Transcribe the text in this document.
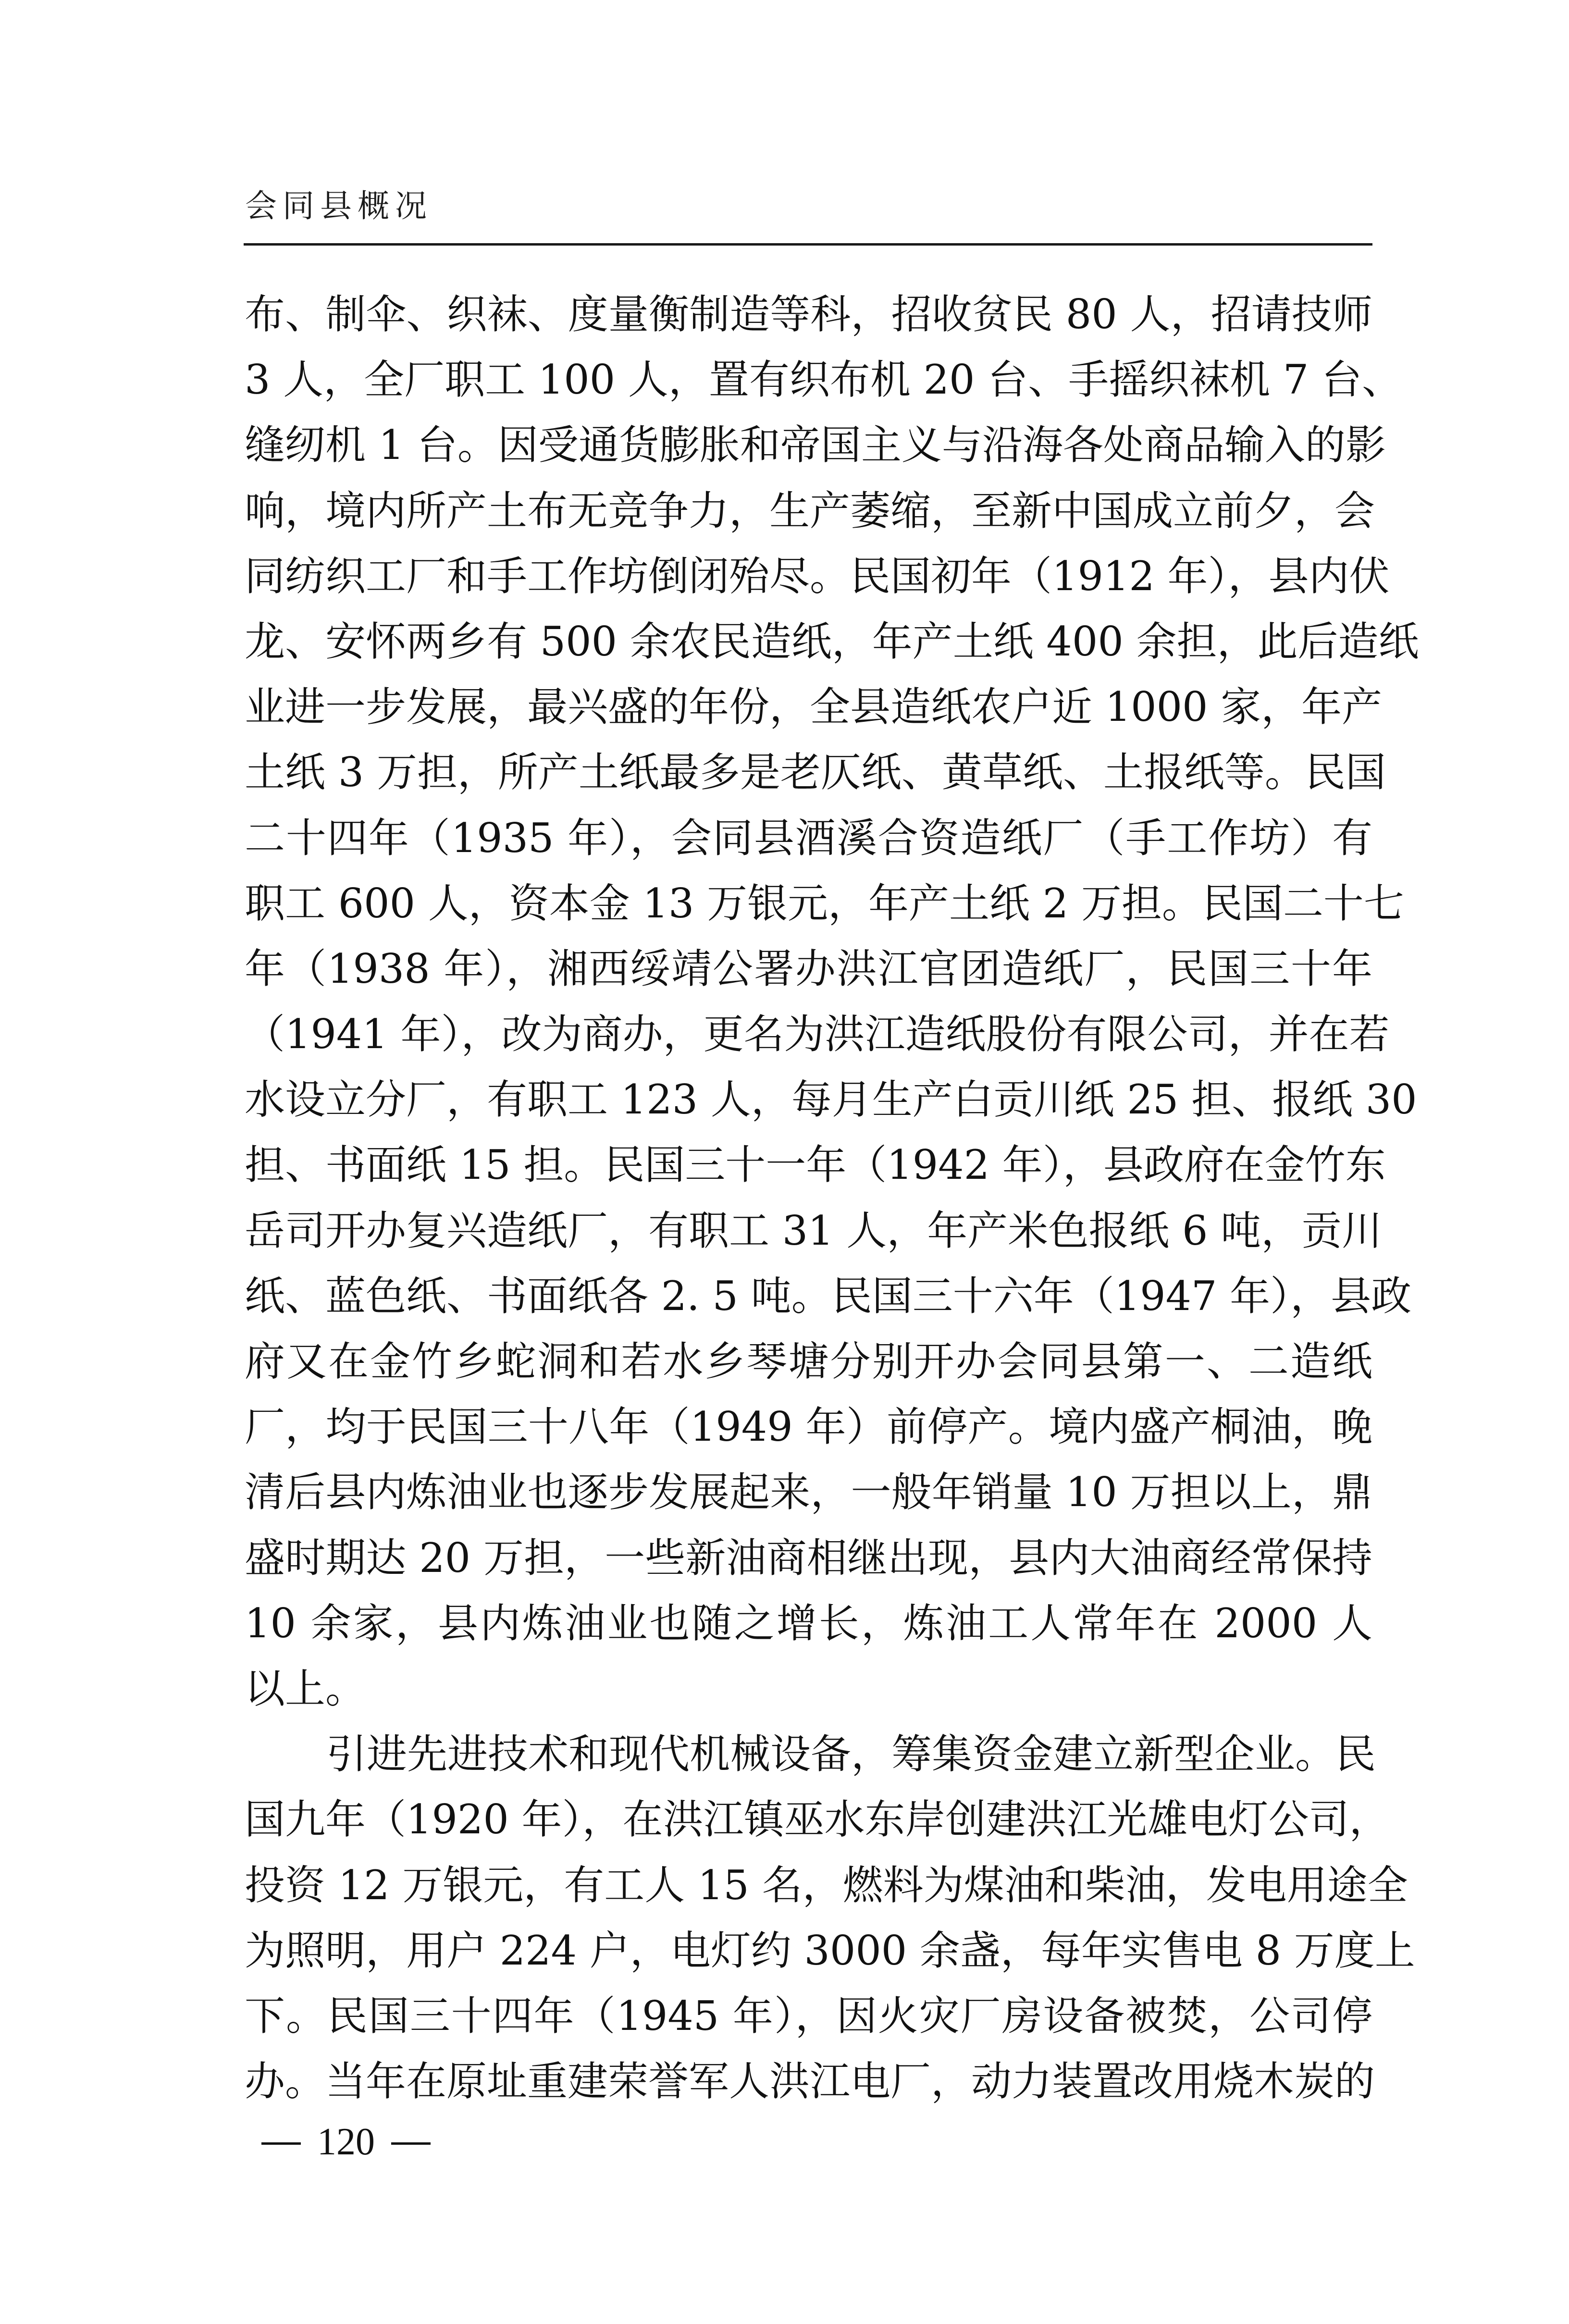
会同县概况
布、制伞、织袜、度量衡制造等科，招收贫民 80 人，招请技师
3 人，全厂职工 100 人，置有织布机 20 台、手摇织袜机 7 台、
缝纫机 1 台。因受通货膨胀和帝国主义与沿海各处商品输入的影
响，境内所产土布无竞争力，生产萎缩，至新中国成立前夕，会
同纺织工厂和手工作坊倒闭殆尽。民国初年（1912 年），县内伏
龙、安怀两乡有 500 余农民造纸，年产土纸 400 余担，此后造纸
业进一步发展，最兴盛的年份，全县造纸农户近 1000 家，年产
土纸 3 万担，所产土纸最多是老仄纸、黄草纸、土报纸等。民国
二十四年（1935 年），会同县酒溪合资造纸厂（手工作坊）有
职工 600 人，资本金 13 万银元，年产土纸 2 万担。民国二十七
年（1938 年），湘西绥靖公署办洪江官团造纸厂，民国三十年
（1941 年），改为商办，更名为洪江造纸股份有限公司，并在若
水设立分厂，有职工 123 人，每月生产白贡川纸 25 担、报纸 30
担、书面纸 15 担。民国三十一年（1942 年），县政府在金竹东
岳司开办复兴造纸厂，有职工 31 人，年产米色报纸 6 吨，贡川
纸、蓝色纸、书面纸各 2. 5 吨。民国三十六年（1947 年），县政
府又在金竹乡蛇洞和若水乡琴塘分别开办会同县第一、二造纸
厂，均于民国三十八年（1949 年）前停产。境内盛产桐油，晚
清后县内炼油业也逐步发展起来，一般年销量 10 万担以上，鼎
盛时期达 20 万担，一些新油商相继出现，县内大油商经常保持
10 余家，县内炼油业也随之增长，炼油工人常年在 2000 人
以上。
引进先进技术和现代机械设备，筹集资金建立新型企业。民
国九年（1920 年），在洪江镇巫水东岸创建洪江光雄电灯公司，
投资 12 万银元，有工人 15 名，燃料为煤油和柴油，发电用途全
为照明，用户 224 户，电灯约 3000 余盏，每年实售电 8 万度上
下。民国三十四年（1945 年），因火灾厂房设备被焚，公司停
办。当年在原址重建荣誉军人洪江电厂，动力装置改用烧木炭的
120
